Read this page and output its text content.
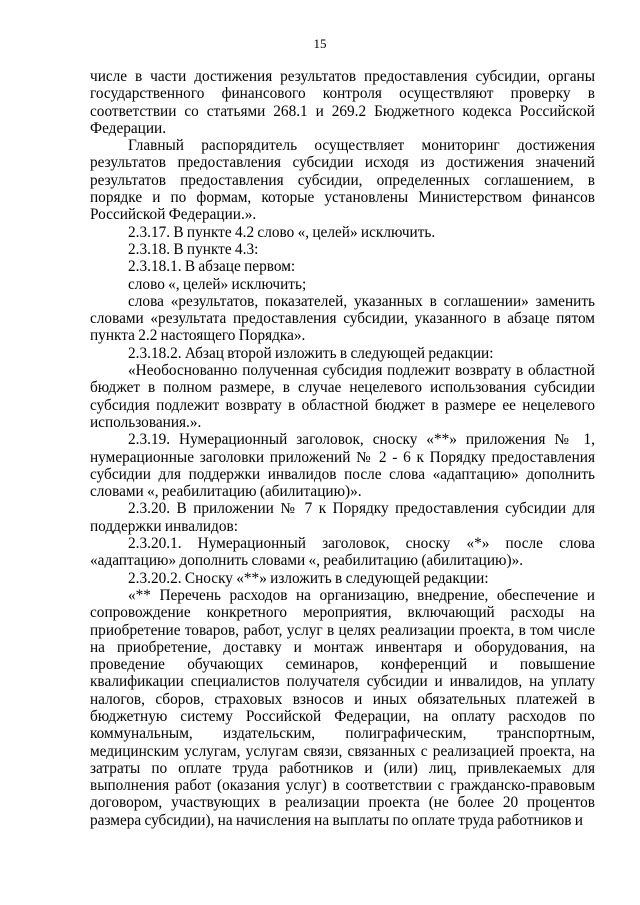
15

числе в части достижения результатов предоставления субсидии, органы государственного финансового контроля осуществляют проверку в соответствии со статьями 268.1 и 269.2 Бюджетного кодекса Российской Федерации.

Главный распорядитель осуществляет мониторинг достижения результатов предоставления субсидии исходя из достижения значений результатов предоставления субсидии, определенных соглашением, в порядке и по формам, которые установлены Министерством финансов Российской Федерации.».

2.3.17. В пункте 4.2 слово «, целей» исключить.

2.3.18. В пункте 4.3:

2.3.18.1. В абзаце первом:

слово «, целей» исключить;

слова «результатов, показателей, указанных в соглашении» заменить словами «результата предоставления субсидии, указанного в абзаце пятом пункта 2.2 настоящего Порядка».

2.3.18.2. Абзац второй изложить в следующей редакции:

«Необоснованно полученная субсидия подлежит возврату в областной бюджет в полном размере, в случае нецелевого использования субсидии субсидия подлежит возврату в областной бюджет в размере ее нецелевого использования.».

2.3.19. Нумерационный заголовок, сноску «**» приложения № 1, нумерационные заголовки приложений № 2 - 6 к Порядку предоставления субсидии для поддержки инвалидов после слова «адаптацию» дополнить словами «, реабилитацию (абилитацию)».

2.3.20. В приложении № 7 к Порядку предоставления субсидии для поддержки инвалидов:

2.3.20.1. Нумерационный заголовок, сноску «*» после слова «адаптацию» дополнить словами «, реабилитацию (абилитацию)».

2.3.20.2. Сноску «**» изложить в следующей редакции:

«** Перечень расходов на организацию, внедрение, обеспечение и сопровождение конкретного мероприятия, включающий расходы на приобретение товаров, работ, услуг в целях реализации проекта, в том числе на приобретение, доставку и монтаж инвентаря и оборудования, на проведение обучающих семинаров, конференций и повышение квалификации специалистов получателя субсидии и инвалидов, на уплату налогов, сборов, страховых взносов и иных обязательных платежей в бюджетную систему Российской Федерации, на оплату расходов по коммунальным, издательским, полиграфическим, транспортным, медицинским услугам, услугам связи, связанных с реализацией проекта, на затраты по оплате труда работников и (или) лиц, привлекаемых для выполнения работ (оказания услуг) в соответствии с гражданско-правовым договором, участвующих в реализации проекта (не более 20 процентов размера субсидии), на начисления на выплаты по оплате труда работников и
